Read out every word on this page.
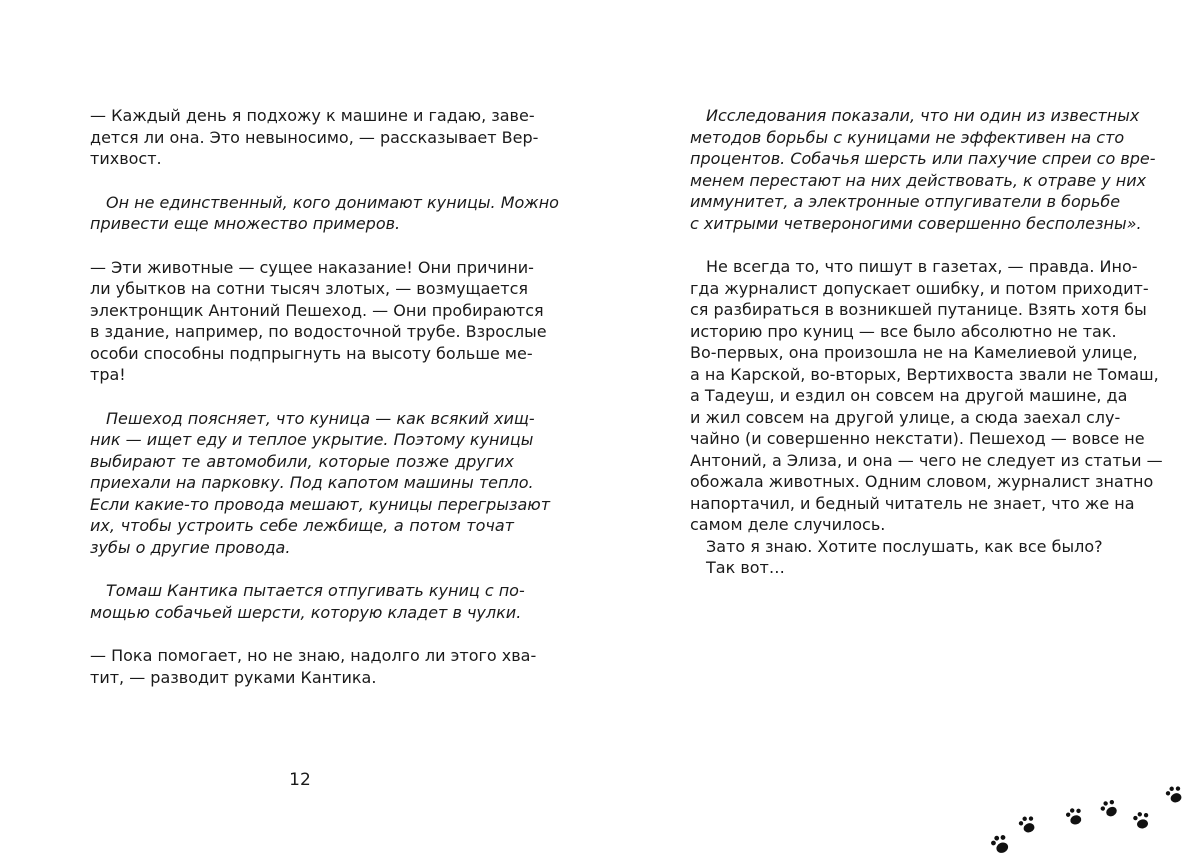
— Каждый день я подхожу к машине и гадаю, заве-
дется ли она. Это невыносимо, — рассказывает Вер-
тихвост.

Он не единственный, кого донимают куницы. Можно
привести еще множество примеров.

— Эти животные — сущее наказание! Они причини-
ли убытков на сотни тысяч злотых, — возмущается
электронщик Антоний Пешеход. — Они пробираются
в здание, например, по водосточной трубе. Взрослые
особи способны подпрыгнуть на высоту больше ме-
тра!

Пешеход поясняет, что куница — как всякий хищ-
ник — ищет еду и теплое укрытие. Поэтому куницы
выбирают те автомобили, которые позже других
приехали на парковку. Под капотом машины тепло.
Если какие-то провода мешают, куницы перегрызают
их, чтобы устроить себе лежбище, а потом точат
зубы о другие провода.

Томаш Кантика пытается отпугивать куниц с по-
мощью собачьей шерсти, которую кладет в чулки.

— Пока помогает, но не знаю, надолго ли этого хва-
тит, — разводит руками Кантика.

12

Исследования показали, что ни один из известных
методов борьбы с куницами не эффективен на сто
процентов. Собачья шерсть или пахучие спреи со вре-
менем перестают на них действовать, к отраве у них
иммунитет, а электронные отпугиватели в борьбе
с хитрыми четвероногими совершенно бесполезны».

Не всегда то, что пишут в газетах, — правда. Ино-
гда журналист допускает ошибку, и потом приходит-
ся разбираться в возникшей путанице. Взять хотя бы
историю про куниц — все было абсолютно не так.
Во-первых, она произошла не на Камелиевой улице,
а на Карской, во-вторых, Вертихвоста звали не Томаш,
а Тадеуш, и ездил он совсем на другой машине, да
и жил совсем на другой улице, а сюда заехал слу-
чайно (и совершенно некстати). Пешеход — вовсе не
Антоний, а Элиза, и она — чего не следует из статьи —
обожала животных. Одним словом, журналист знатно
напортачил, и бедный читатель не знает, что же на
самом деле случилось.

Зато я знаю. Хотите послушать, как все было?

Так вот…
